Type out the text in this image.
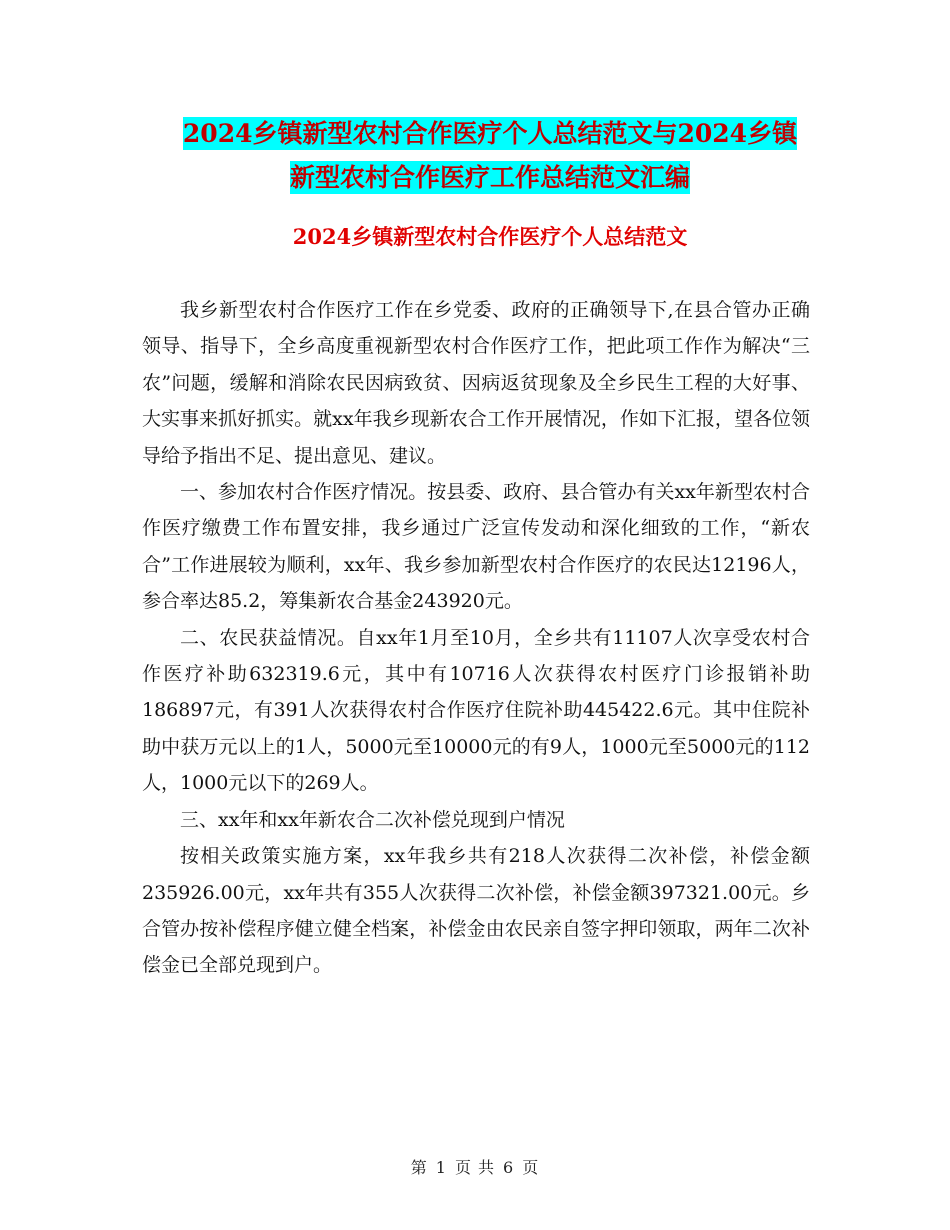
2024乡镇新型农村合作医疗个人总结范文与2024乡镇
新型农村合作医疗工作总结范文汇编
2024乡镇新型农村合作医疗个人总结范文

我乡新型农村合作医疗工作在乡党委、政府的正确领导下,在县合管办正确领导、指导下，全乡高度重视新型农村合作医疗工作，把此项工作作为解决“三农”问题，缓解和消除农民因病致贫、因病返贫现象及全乡民生工程的大好事、大实事来抓好抓实。就xx年我乡现新农合工作开展情况，作如下汇报，望各位领导给予指出不足、提出意见、建议。

一、参加农村合作医疗情况。按县委、政府、县合管办有关xx年新型农村合作医疗缴费工作布置安排，我乡通过广泛宣传发动和深化细致的工作，“新农合”工作进展较为顺利，xx年、我乡参加新型农村合作医疗的农民达12196人，参合率达85.2，筹集新农合基金243920元。

二、农民获益情况。自xx年1月至10月，全乡共有11107人次享受农村合作医疗补助632319.6元，其中有10716人次获得农村医疗门诊报销补助186897元，有391人次获得农村合作医疗住院补助445422.6元。其中住院补助中获万元以上的1人，5000元至10000元的有9人，1000元至5000元的112人，1000元以下的269人。

三、xx年和xx年新农合二次补偿兑现到户情况

按相关政策实施方案，xx年我乡共有218人次获得二次补偿，补偿金额235926.00元，xx年共有355人次获得二次补偿，补偿金额397321.00元。乡合管办按补偿程序健立健全档案，补偿金由农民亲自签字押印领取，两年二次补偿金已全部兑现到户。

第 1 页 共 6 页
